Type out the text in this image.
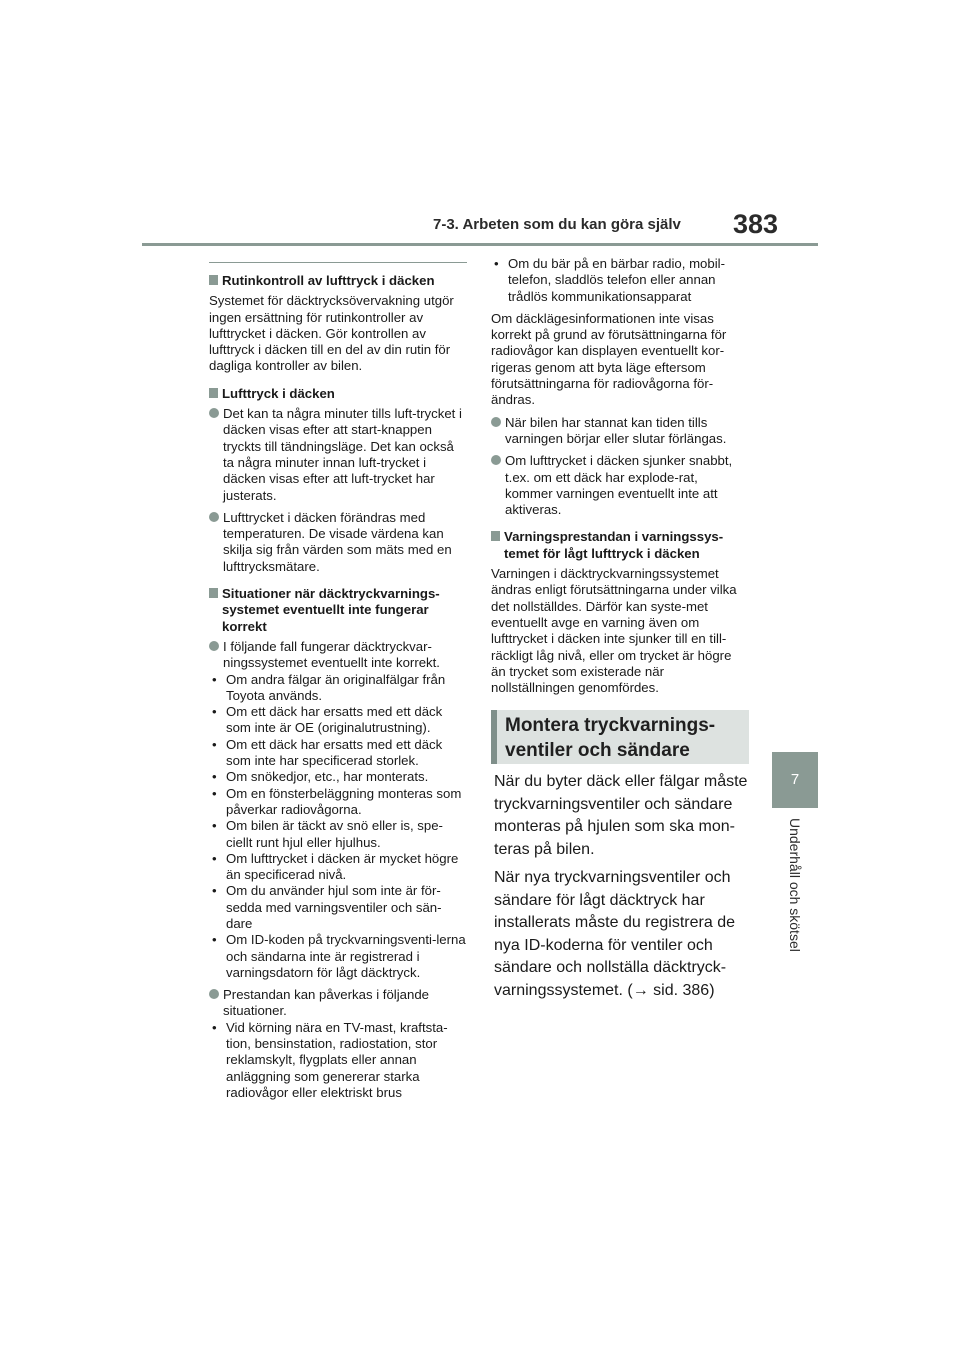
7-3. Arbeten som du kan göra själv 383
7
Underhåll och skötsel
Rutinkontroll av lufttryck i däcken

Systemet för däcktrycksövervakning utgör ingen ersättning för rutinkontroller av lufttrycket i däcken. Gör kontrollen av lufttryck i däcken till en del av din rutin för dagliga kontroller av bilen.

Lufttryck i däcken
Det kan ta några minuter tills luft-trycket i däcken visas efter att start-knappen tryckts till tändningsläge. Det kan också ta några minuter innan luft-trycket i däcken visas efter att luft-trycket har justerats.
Lufttrycket i däcken förändras med temperaturen. De visade värdena kan skilja sig från värden som mäts med en lufttrycksmätare.
Situationer när däcktryckvarnings-systemet eventuellt inte fungerar korrekt
I följande fall fungerar däcktryckvar-ningssystemet eventuellt inte korrekt.
• Om andra fälgar än originalfälgar från Toyota används.
• Om ett däck har ersatts med ett däck som inte är OE (originalutrustning).
• Om ett däck har ersatts med ett däck som inte har specificerad storlek.
• Om snökedjor, etc., har monterats.
• Om en fönsterbeläggning monteras som påverkar radiovågorna.
• Om bilen är täckt av snö eller is, spe-ciellt runt hjul eller hjulhus.
• Om lufttrycket i däcken är mycket högre än specificerad nivå.
• Om du använder hjul som inte är för-sedda med varningsventiler och sän-dare
• Om ID-koden på tryckvarningsventi-lerna och sändarna inte är registrerad i varningsdatorn för lågt däcktryck.
Prestandan kan påverkas i följande situationer.
• Vid körning nära en TV-mast, kraftsta-tion, bensinstation, radiostation, stor reklamskylt, flygplats eller annan anläggning som genererar starka radiovågor eller elektriskt brus
• Om du bär på en bärbar radio, mobil-telefon, sladdlös telefon eller annan trådlös kommunikationsapparat

Om däcklägesinformationen inte visas korrekt på grund av förutsättningarna för radiovågor kan displayen eventuellt kor-rigeras genom att byta läge eftersom förutsättningarna för radiovågorna för-ändras.

När bilen har stannat kan tiden tills varningen börjar eller slutar förlängas.
Om lufttrycket i däcken sjunker snabbt, t.ex. om ett däck har explode-rat, kommer varningen eventuellt inte att aktiveras.
Varningsprestandan i varningssys-temet för lågt lufttryck i däcken

Varningen i däcktryckvarningssystemet ändras enligt förutsättningarna under vilka det nollställdes. Därför kan syste-met eventuellt avge en varning även om lufttrycket i däcken inte sjunker till en till-räckligt låg nivå, eller om trycket är högre än trycket som existerade när nollställningen genomfördes.

Montera tryckvarnings-ventiler och sändare

När du byter däck eller fälgar måste tryckvarningsventiler och sändare monteras på hjulen som ska mon-teras på bilen.

När nya tryckvarningsventiler och sändare för lågt däcktryck har installerats måste du registrera de nya ID-koderna för ventiler och sändare och nollställa däcktryck-varningssystemet. (→ sid. 386)
